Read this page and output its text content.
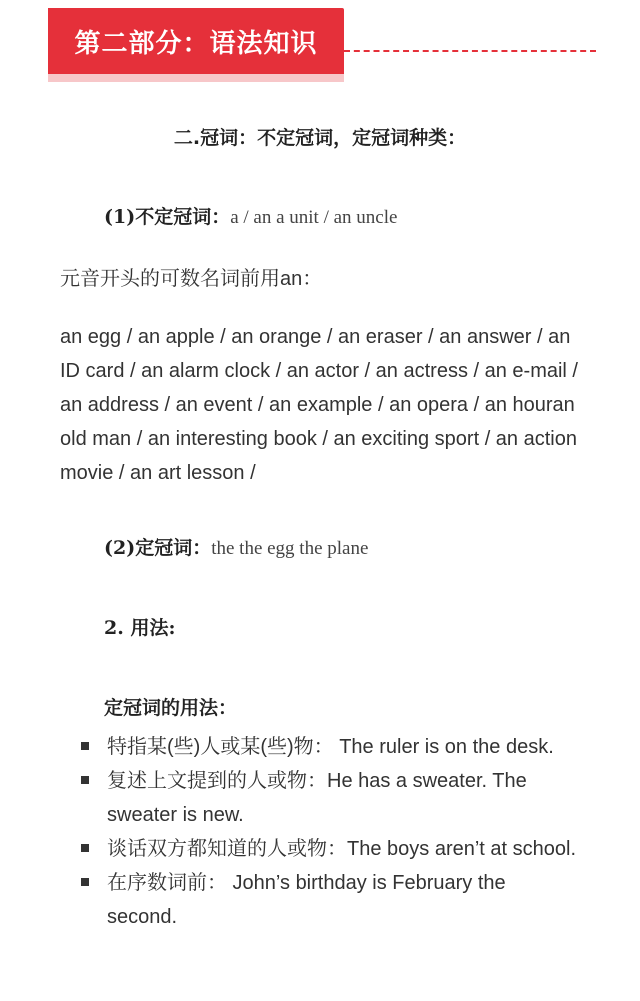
第二部分：语法知识
二.冠词：不定冠词，定冠词种类：
(1)不定冠词：a / an a unit / an uncle
元音开头的可数名词前用an：
an egg / an apple / an orange / an eraser / an answer / an ID card / an alarm clock / an actor / an actress / an e-mail / an address / an event / an example / an opera / an houran old man / an interesting book / an exciting sport / an action movie / an art lesson /
(2)定冠词：the the egg the plane
2. 用法:
定冠词的用法：
特指某(些)人或某(些)物： The ruler is on the desk.
复述上文提到的人或物：He has a sweater. The sweater is new.
谈话双方都知道的人或物：The boys aren’t at school.
在序数词前： John’s birthday is February the second.
